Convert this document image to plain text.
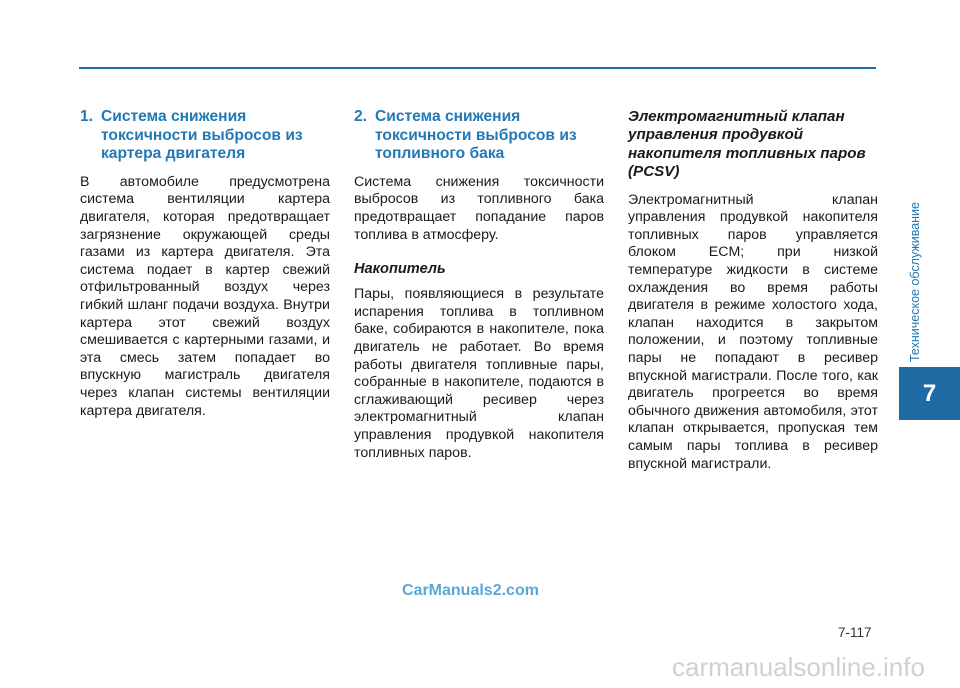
1. Система снижения токсичности выбросов из картера двигателя

В автомобиле предусмотрена система вентиляции картера двигателя, которая предотвращает загрязнение окружающей среды газами из картера двигателя. Эта система подает в картер свежий отфильтрованный воздух через гибкий шланг подачи воздуха. Внутри картера этот свежий воздух смешивается с картерными газами, и эта смесь затем попадает во впускную магистраль двигателя через клапан системы вентиляции картера двигателя.

2. Система снижения токсичности выбросов из топливного бака

Система снижения токсичности выбросов из топливного бака предотвращает попадание паров топлива в атмосферу.

Накопитель

Пары, появляющиеся в результате испарения топлива в топливном баке, собираются в накопителе, пока двигатель не работает. Во время работы двигателя топливные пары, собранные в накопителе, подаются в сглаживающий ресивер через электромагнитный клапан управления продувкой накопителя топливных паров.

Электромагнитный клапан управления продувкой накопителя топливных паров (PCSV)

Электромагнитный клапан управления продувкой накопителя топливных паров управляется блоком ECM; при низкой температуре жидкости в системе охлаждения во время работы двигателя в режиме холостого хода, клапан находится в закрытом положении, и поэтому топливные пары не попадают в ресивер впускной магистрали. После того, как двигатель прогреется во время обычного движения автомобиля, этот клапан открывается, пропуская тем самым пары топлива в ресивер впускной магистрали.

Техническое обслуживание
7
7-117
CarManuals2.com
carmanualsonline.info
